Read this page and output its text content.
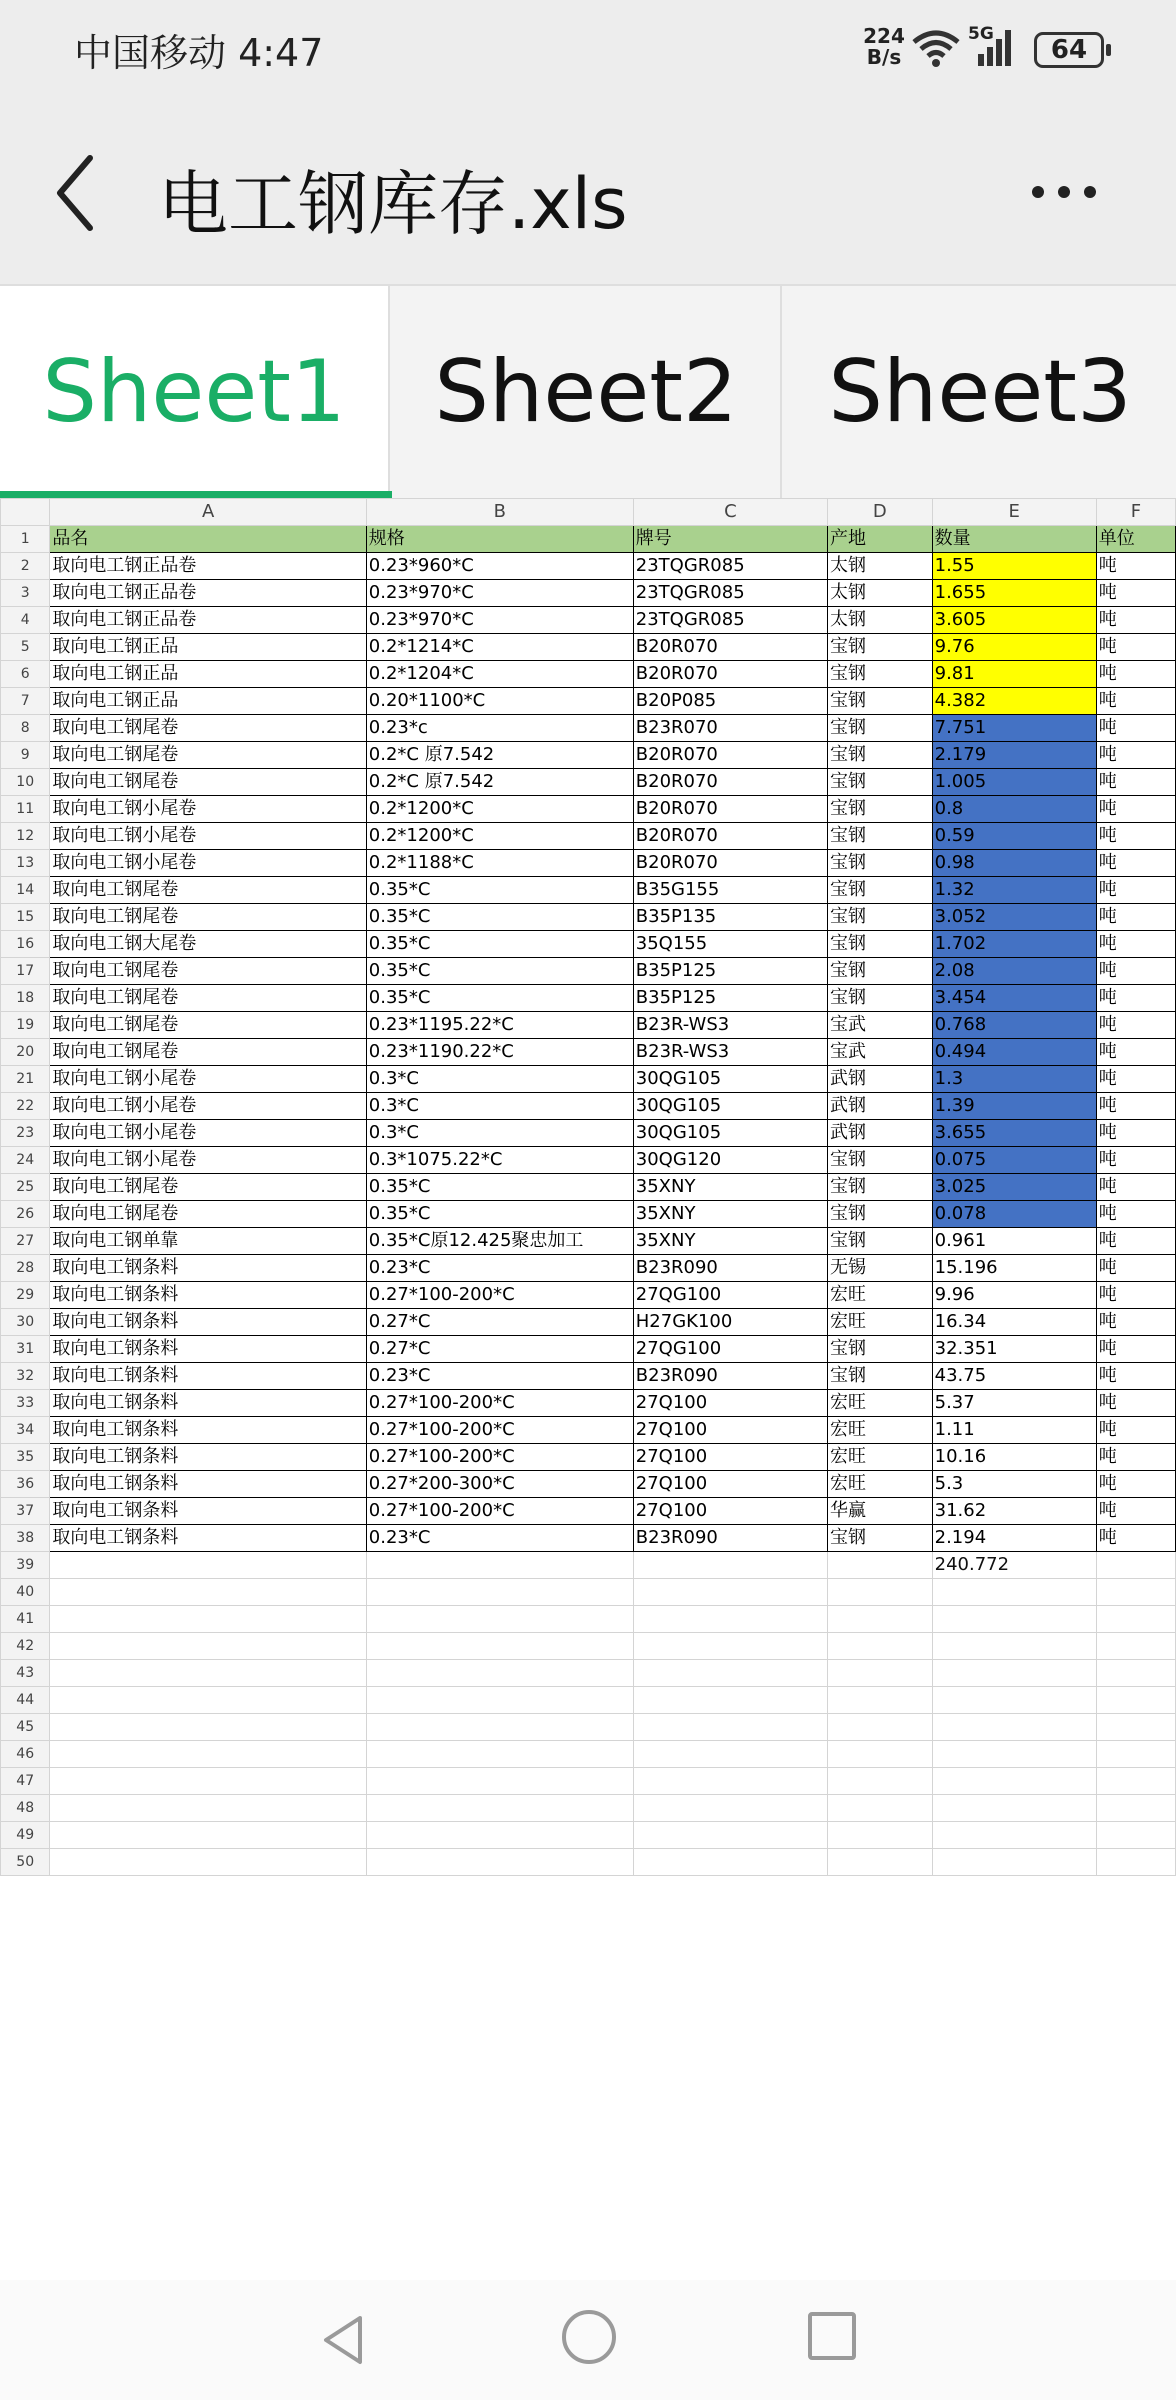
中国移动 4:47	224
B/s
5G
64
电工钢库存.xls
Sheet1	Sheet2	Sheet3
	A	B	C	D	E	F
1	品名	规格	牌号	产地	数量	单位
2	取向电工钢正品卷	0.23*960*C	23TQGR085	太钢	1.55	吨
3	取向电工钢正品卷	0.23*970*C	23TQGR085	太钢	1.655	吨
4	取向电工钢正品卷	0.23*970*C	23TQGR085	太钢	3.605	吨
5	取向电工钢正品	0.2*1214*C	B20R070	宝钢	9.76	吨
6	取向电工钢正品	0.2*1204*C	B20R070	宝钢	9.81	吨
7	取向电工钢正品	0.20*1100*C	B20P085	宝钢	4.382	吨
8	取向电工钢尾卷	0.23*c	B23R070	宝钢	7.751	吨
9	取向电工钢尾卷	0.2*C 原7.542	B20R070	宝钢	2.179	吨
10	取向电工钢尾卷	0.2*C 原7.542	B20R070	宝钢	1.005	吨
11	取向电工钢小尾卷	0.2*1200*C	B20R070	宝钢	0.8	吨
12	取向电工钢小尾卷	0.2*1200*C	B20R070	宝钢	0.59	吨
13	取向电工钢小尾卷	0.2*1188*C	B20R070	宝钢	0.98	吨
14	取向电工钢尾卷	0.35*C	B35G155	宝钢	1.32	吨
15	取向电工钢尾卷	0.35*C	B35P135	宝钢	3.052	吨
16	取向电工钢大尾卷	0.35*C	35Q155	宝钢	1.702	吨
17	取向电工钢尾卷	0.35*C	B35P125	宝钢	2.08	吨
18	取向电工钢尾卷	0.35*C	B35P125	宝钢	3.454	吨
19	取向电工钢尾卷	0.23*1195.22*C	B23R-WS3	宝武	0.768	吨
20	取向电工钢尾卷	0.23*1190.22*C	B23R-WS3	宝武	0.494	吨
21	取向电工钢小尾卷	0.3*C	30QG105	武钢	1.3	吨
22	取向电工钢小尾卷	0.3*C	30QG105	武钢	1.39	吨
23	取向电工钢小尾卷	0.3*C	30QG105	武钢	3.655	吨
24	取向电工钢小尾卷	0.3*1075.22*C	30QG120	宝钢	0.075	吨
25	取向电工钢尾卷	0.35*C	35XNY	宝钢	3.025	吨
26	取向电工钢尾卷	0.35*C	35XNY	宝钢	0.078	吨
27	取向电工钢单靠	0.35*C原12.425聚忠加工	35XNY	宝钢	0.961	吨
28	取向电工钢条料	0.23*C	B23R090	无锡	15.196	吨
29	取向电工钢条料	0.27*100-200*C	27QG100	宏旺	9.96	吨
30	取向电工钢条料	0.27*C	H27GK100	宏旺	16.34	吨
31	取向电工钢条料	0.27*C	27QG100	宝钢	32.351	吨
32	取向电工钢条料	0.23*C	B23R090	宝钢	43.75	吨
33	取向电工钢条料	0.27*100-200*C	27Q100	宏旺	5.37	吨
34	取向电工钢条料	0.27*100-200*C	27Q100	宏旺	1.11	吨
35	取向电工钢条料	0.27*100-200*C	27Q100	宏旺	10.16	吨
36	取向电工钢条料	0.27*200-300*C	27Q100	宏旺	5.3	吨
37	取向电工钢条料	0.27*100-200*C	27Q100	华赢	31.62	吨
38	取向电工钢条料	0.23*C	B23R090	宝钢	2.194	吨
39					240.772	
40						
41						
42						
43						
44						
45						
46						
47						
48						
49						
50						
